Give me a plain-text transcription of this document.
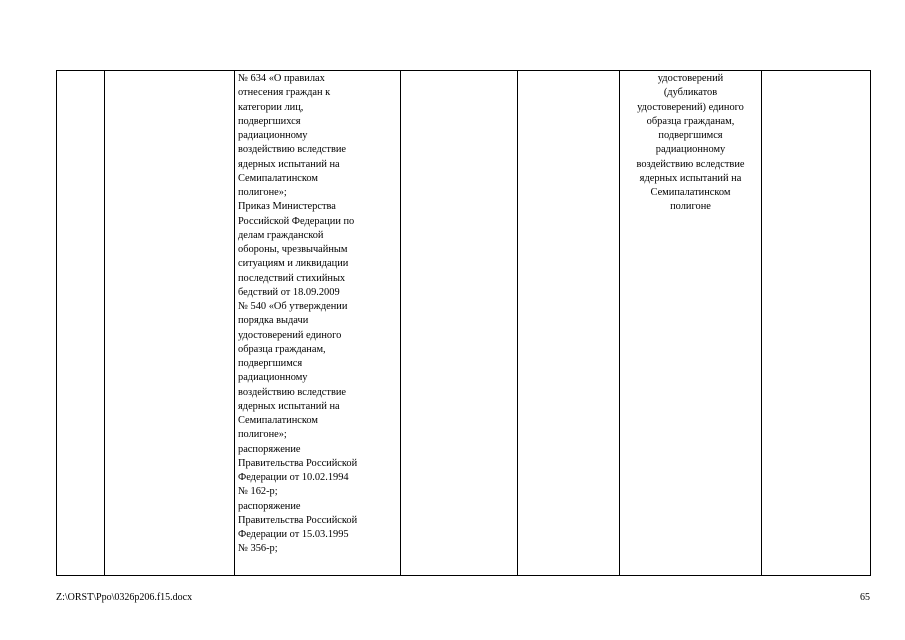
		№ 634 «О правилах
отнесения граждан к
категории лиц,
подвергшихся
радиационному
воздействию вследствие
ядерных испытаний на
Семипалатинском
полигоне»;
Приказ Министерства
Российской Федерации по
делам гражданской
обороны, чрезвычайным
ситуациям и ликвидации
последствий стихийных
бедствий от 18.09.2009
№ 540 «Об утверждении
порядка выдачи
удостоверений единого
образца гражданам,
подвергшимся
радиационному
воздействию вследствие
ядерных испытаний на
Семипалатинском
полигоне»;
распоряжение
Правительства Российской
Федерации от 10.02.1994
№ 162-р;
распоряжение
Правительства Российской
Федерации от 15.03.1995
№ 356-р;			удостоверений
(дубликатов
удостоверений) единого
образца гражданам,
подвергшимся
радиационному
воздействию вследствие
ядерных испытаний на
Семипалатинском
полигоне	
Z:\ORST\Ppo\0326p206.f15.docx	65
